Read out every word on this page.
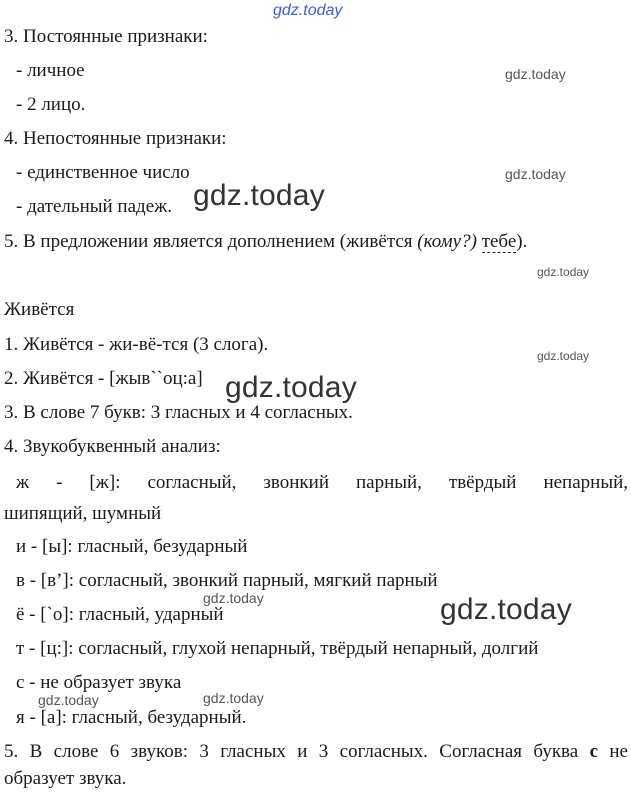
gdz.today
3. Постоянные признаки:
- личное
- 2 лицо.
4. Непостоянные признаки:
- единственное число
- дательный падеж.
5. В предложении является дополнением (живётся (кому?) тебе).
Живётся
1. Живётся - жи-вё-тся (3 слога).
2. Живётся - [жыв``оц:а]
3. В слове 7 букв: 3 гласных и 4 согласных.
4. Звукобуквенный анализ:
ж - [ж]: согласный, звонкий парный, твёрдый непарный,
шипящий, шумный
и - [ы]: гласный, безударный
в - [в’]: согласный, звонкий парный, мягкий парный
ё - [`о]: гласный, ударный
т - [ц:]: согласный, глухой непарный, твёрдый непарный, долгий
с - не образует звука
я - [а]: гласный, безударный.
5. В слове 6 звуков: 3 гласных и 3 согласных. Согласная буква с не
образует звука.
gdz.today
gdz.today
gdz.today
gdz.today
gdz.today
gdz.today	gdz.today
gdz.today
gdz.today
gdz.today
